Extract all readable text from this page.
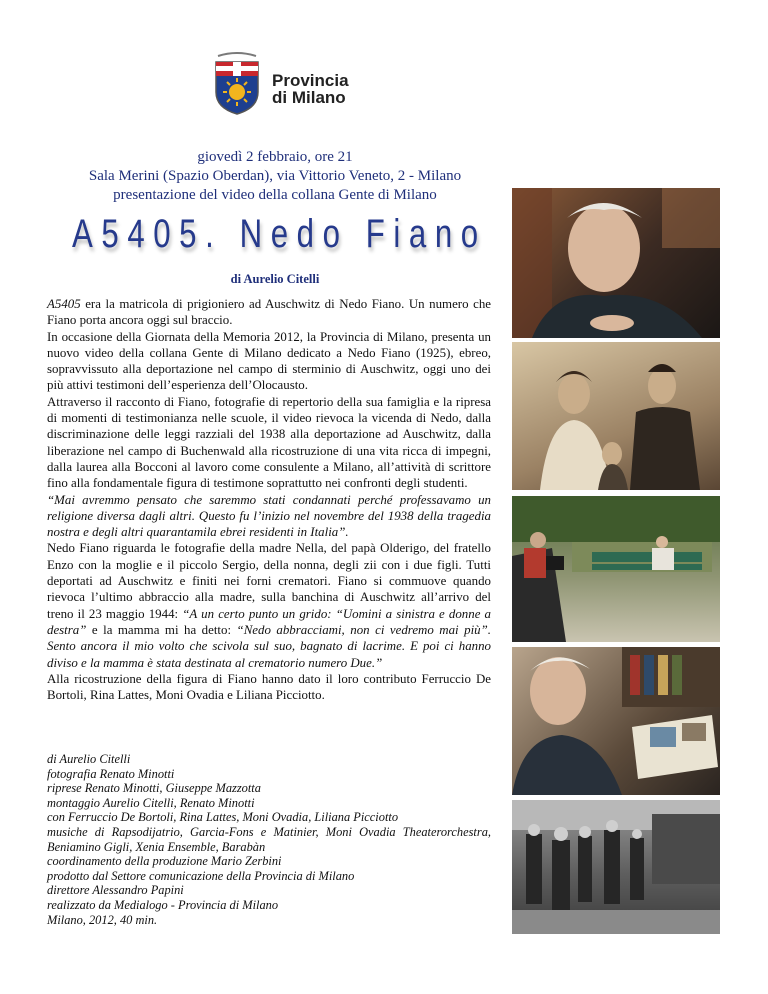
Provincia
di Milano
giovedì 2 febbraio, ore 21
Sala Merini (Spazio Oberdan), via Vittorio Veneto, 2 - Milano
presentazione del video della collana Gente di Milano
A5405. Nedo Fiano
di Aurelio Citelli

A5405 era la matricola di prigioniero ad Auschwitz di Nedo Fiano. Un numero che Fiano porta ancora oggi sul braccio.

In occasione della Giornata della Memoria 2012, la Provincia di Milano, presenta un nuovo video della collana Gente di Milano dedicato a Nedo Fiano (1925), ebreo, sopravvissuto alla deportazione nel campo di sterminio di Auschwitz, oggi uno dei più attivi testimoni dell’esperienza dell’Olocausto.

Attraverso il racconto di Fiano, fotografie di repertorio della sua famiglia e la ripresa di momenti di testimonianza nelle scuole, il video rievoca la vicenda di Nedo, dalla discriminazione delle leggi razziali del 1938 alla deportazione ad Auschwitz, dalla liberazione nel campo di Buchenwald alla ricostruzione di una vita ricca di impegni, dalla laurea alla Bocconi al lavoro come consulente a Milano, all’attività di scrittore fino alla fondamentale figura di testimone soprattutto nei confronti degli studenti.

“Mai avremmo pensato che saremmo stati condannati perché professavamo un religione diversa dagli altri. Questo fu l’inizio nel novembre del 1938 della tragedia nostra e degli altri quarantamila ebrei residenti in Italia”.

Nedo Fiano riguarda le fotografie della madre Nella, del papà Olderigo, del fratello Enzo con la moglie e il piccolo Sergio, della nonna, degli zii con i due figli. Tutti deportati ad Auschwitz e finiti nei forni crematori. Fiano si commuove quando rievoca l’ultimo abbraccio alla madre, sulla banchina di Auschwitz all’arrivo del treno il 23 maggio 1944: “A un certo punto un grido: “Uomini a sinistra e donne a destra” e la mamma mi ha detto: “Nedo abbracciami, non ci vedremo mai più”. Sento ancora il mio volto che scivola sul suo, bagnato di lacrime. E poi ci hanno diviso e la mamma è stata destinata al crematorio numero Due.”

Alla ricostruzione della figura di Fiano hanno dato il loro contributo Ferruccio De Bortoli, Rina Lattes, Moni Ovadia e Liliana Picciotto.

di Aurelio Citelli
fotografia Renato Minotti
riprese Renato Minotti, Giuseppe Mazzotta
montaggio Aurelio Citelli, Renato Minotti
con Ferruccio De Bortoli, Rina Lattes, Moni Ovadia, Liliana Picciotto
musiche di Rapsodijatrio, Garcia-Fons e Matinier, Moni Ovadia Theaterorchestra, Beniamino Gigli, Xenia Ensemble, Barabàn
coordinamento della produzione Mario Zerbini
prodotto dal Settore comunicazione della Provincia di Milano
direttore Alessandro Papini
realizzato da Medialogo - Provincia di Milano
Milano, 2012, 40 min.
